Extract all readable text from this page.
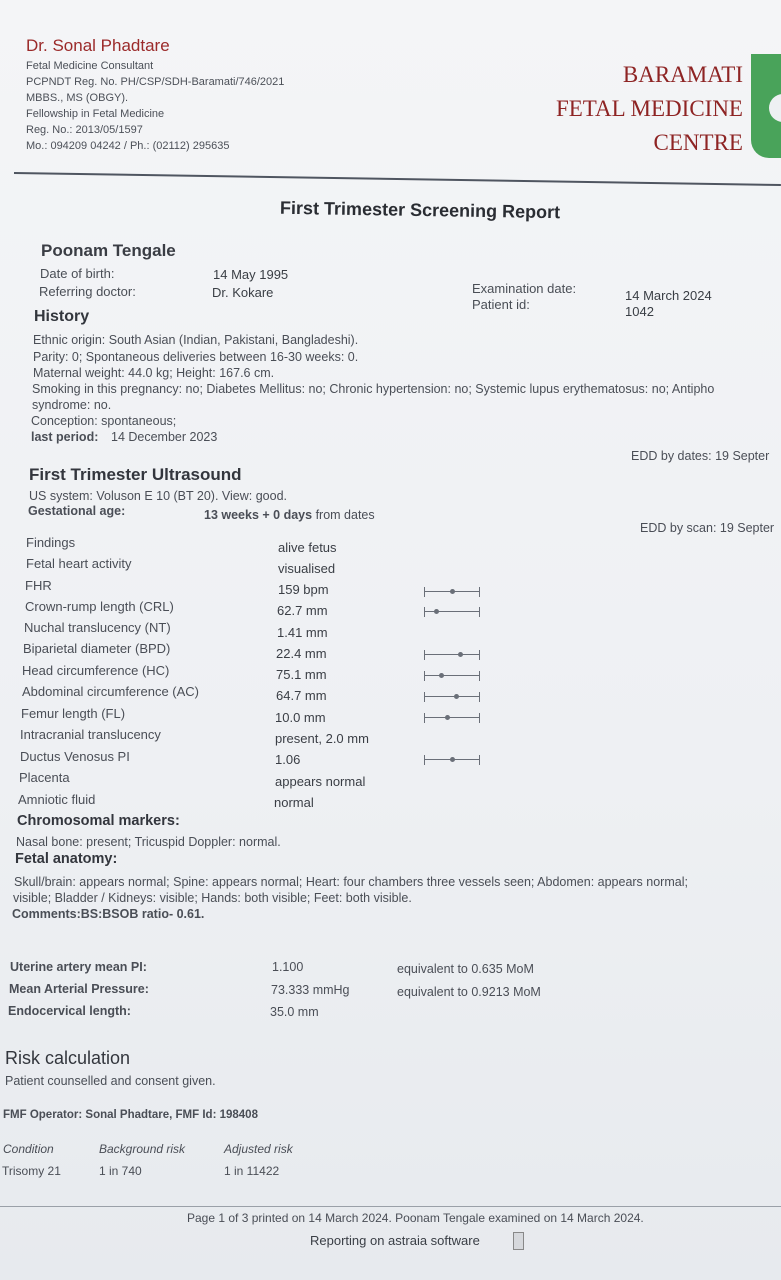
Dr. Sonal Phadtare
Fetal Medicine Consultant
PCPNDT Reg. No. PH/CSP/SDH-Baramati/746/2021
MBBS., MS (OBGY).
Fellowship in Fetal Medicine
Reg. No.: 2013/05/1597
Mo.: 094209 04242 / Ph.: (02112) 295635
BARAMATI
FETAL MEDICINE
CENTRE
First Trimester Screening Report
Poonam Tengale
Date of birth:	14 May 1995
Referring doctor:	Dr. Kokare	Examination date:	14 March 2024
Patient id:	1042
History
Ethnic origin: South Asian (Indian, Pakistani, Bangladeshi).
Parity: 0; Spontaneous deliveries between 16-30 weeks: 0.
Maternal weight: 44.0 kg; Height: 167.6 cm.
Smoking in this pregnancy: no; Diabetes Mellitus: no; Chronic hypertension: no; Systemic lupus erythematosus: no; Antipho
syndrome: no.
Conception: spontaneous;
last period: 14 December 2023
EDD by dates: 19 Septer
First Trimester Ultrasound
US system: Voluson E 10 (BT 20). View: good.
Gestational age:	13 weeks + 0 days from dates
EDD by scan: 19 Septer
Findings	alive fetus
Fetal heart activity	visualised
FHR	159 bpm
Crown-rump length (CRL)	62.7 mm
Nuchal translucency (NT)	1.41 mm
Biparietal diameter (BPD)	22.4 mm
Head circumference (HC)	75.1 mm
Abdominal circumference (AC)	64.7 mm
Femur length (FL)	10.0 mm
Intracranial translucency	present, 2.0 mm
Ductus Venosus PI	1.06
Placenta	appears normal
Amniotic fluid	normal
Chromosomal markers:
Nasal bone: present; Tricuspid Doppler: normal.
Fetal anatomy:
Skull/brain: appears normal; Spine: appears normal; Heart: four chambers three vessels seen; Abdomen: appears normal;
visible; Bladder / Kidneys: visible; Hands: both visible; Feet: both visible.
Comments:BS:BSOB ratio- 0.61.
Uterine artery mean PI:	1.100	equivalent to 0.635 MoM
Mean Arterial Pressure:	73.333 mmHg	equivalent to 0.9213 MoM
Endocervical length:	35.0 mm
Risk calculation
Patient counselled and consent given.
FMF Operator: Sonal Phadtare, FMF Id: 198408
Condition	Background risk	Adjusted risk
Trisomy 21	1 in 740	1 in 11422
Page 1 of 3 printed on 14 March 2024. Poonam Tengale examined on 14 March 2024.
Reporting on astraia software
